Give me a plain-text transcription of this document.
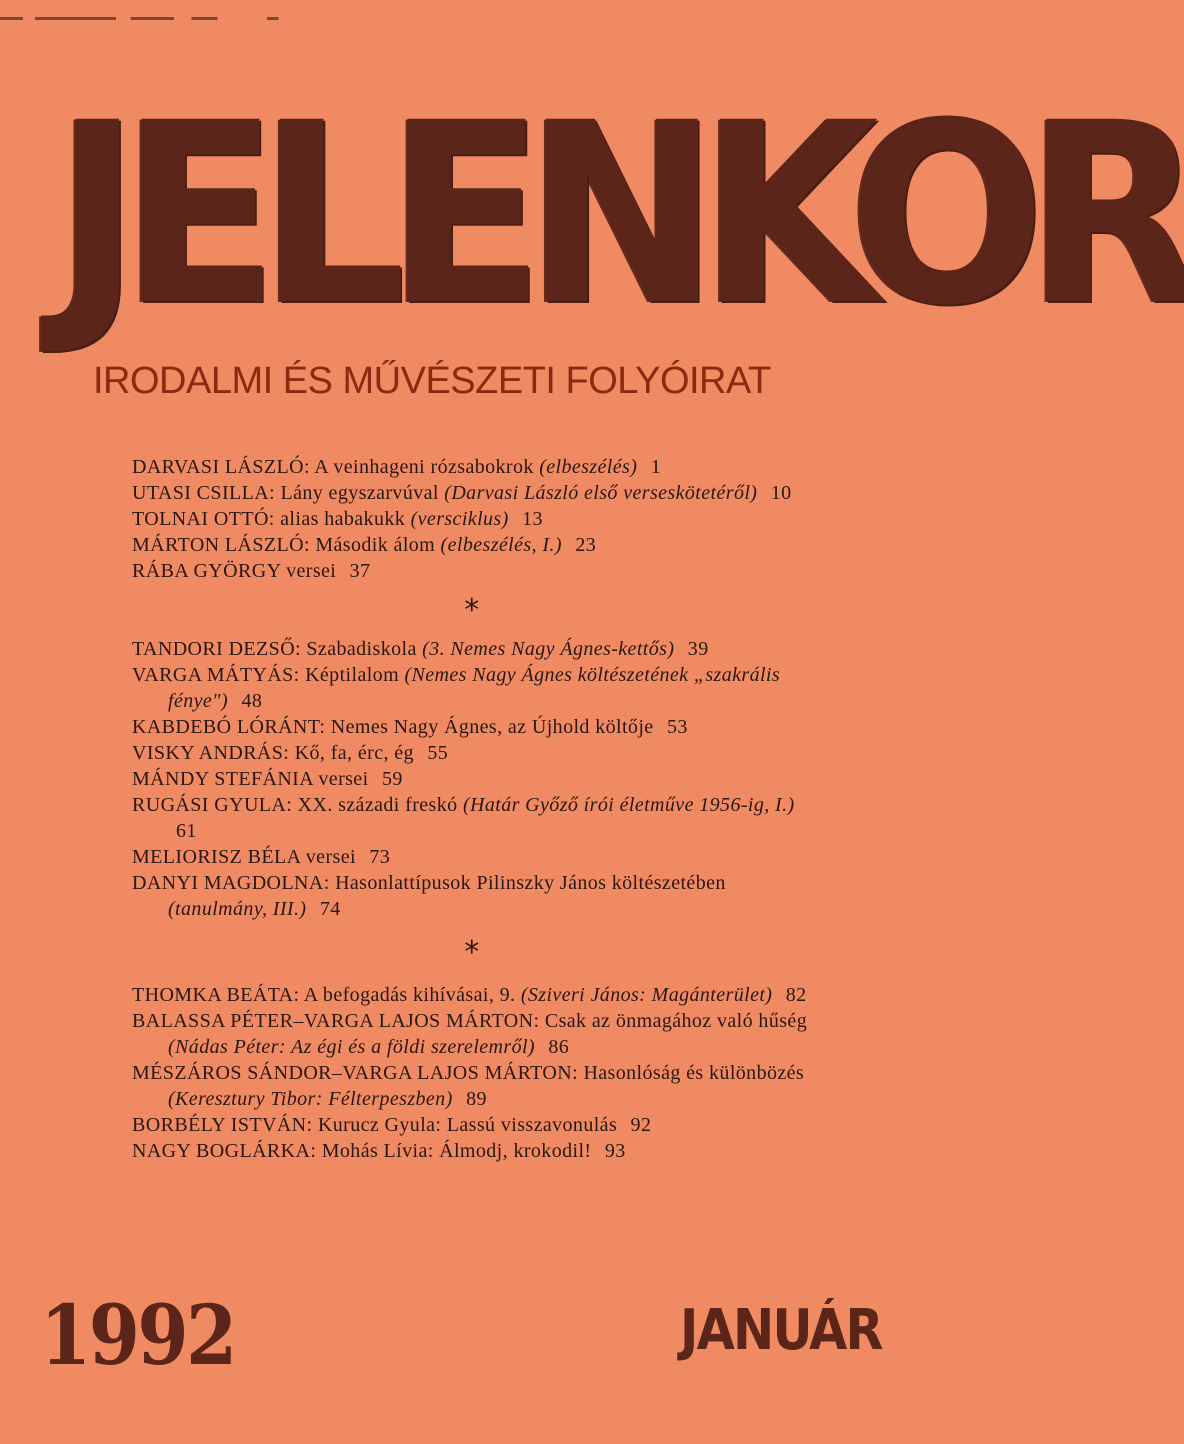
JELENKOR
IRODALMI ÉS MŰVÉSZETI FOLYÓIRAT

DARVASI LÁSZLÓ: A veinhageni rózsabokrok (elbeszélés) 1

UTASI CSILLA: Lány egyszarvúval (Darvasi László első verseskötetéről) 10

TOLNAI OTTÓ: alias habakukk (versciklus) 13

MÁRTON LÁSZLÓ: Második álom (elbeszélés, I.) 23

RÁBA GYÖRGY versei 37

*

TANDORI DEZSŐ: Szabadiskola (3. Nemes Nagy Ágnes-kettős) 39

VARGA MÁTYÁS: Képtilalom (Nemes Nagy Ágnes költészetének „szakrális fénye") 48

KABDEBÓ LÓRÁNT: Nemes Nagy Ágnes, az Újhold költője 53

VISKY ANDRÁS: Kő, fa, érc, ég 55

MÁNDY STEFÁNIA versei 59

RUGÁSI GYULA: XX. századi freskó (Határ Győző írói életműve 1956-ig, I.) 61

MELIORISZ BÉLA versei 73

DANYI MAGDOLNA: Hasonlattípusok Pilinszky János költészetében (tanulmány, III.) 74

*

THOMKA BEÁTA: A befogadás kihívásai, 9. (Sziveri János: Magánterület) 82

BALASSA PÉTER–VARGA LAJOS MÁRTON: Csak az önmagához való hűség (Nádas Péter: Az égi és a földi szerelemről) 86

MÉSZÁROS SÁNDOR–VARGA LAJOS MÁRTON: Hasonlóság és különbözés (Keresztury Tibor: Félterpeszben) 89

BORBÉLY ISTVÁN: Kurucz Gyula: Lassú visszavonulás 92

NAGY BOGLÁRKA: Mohás Lívia: Álmodj, krokodil! 93

1992	JANUÁR
